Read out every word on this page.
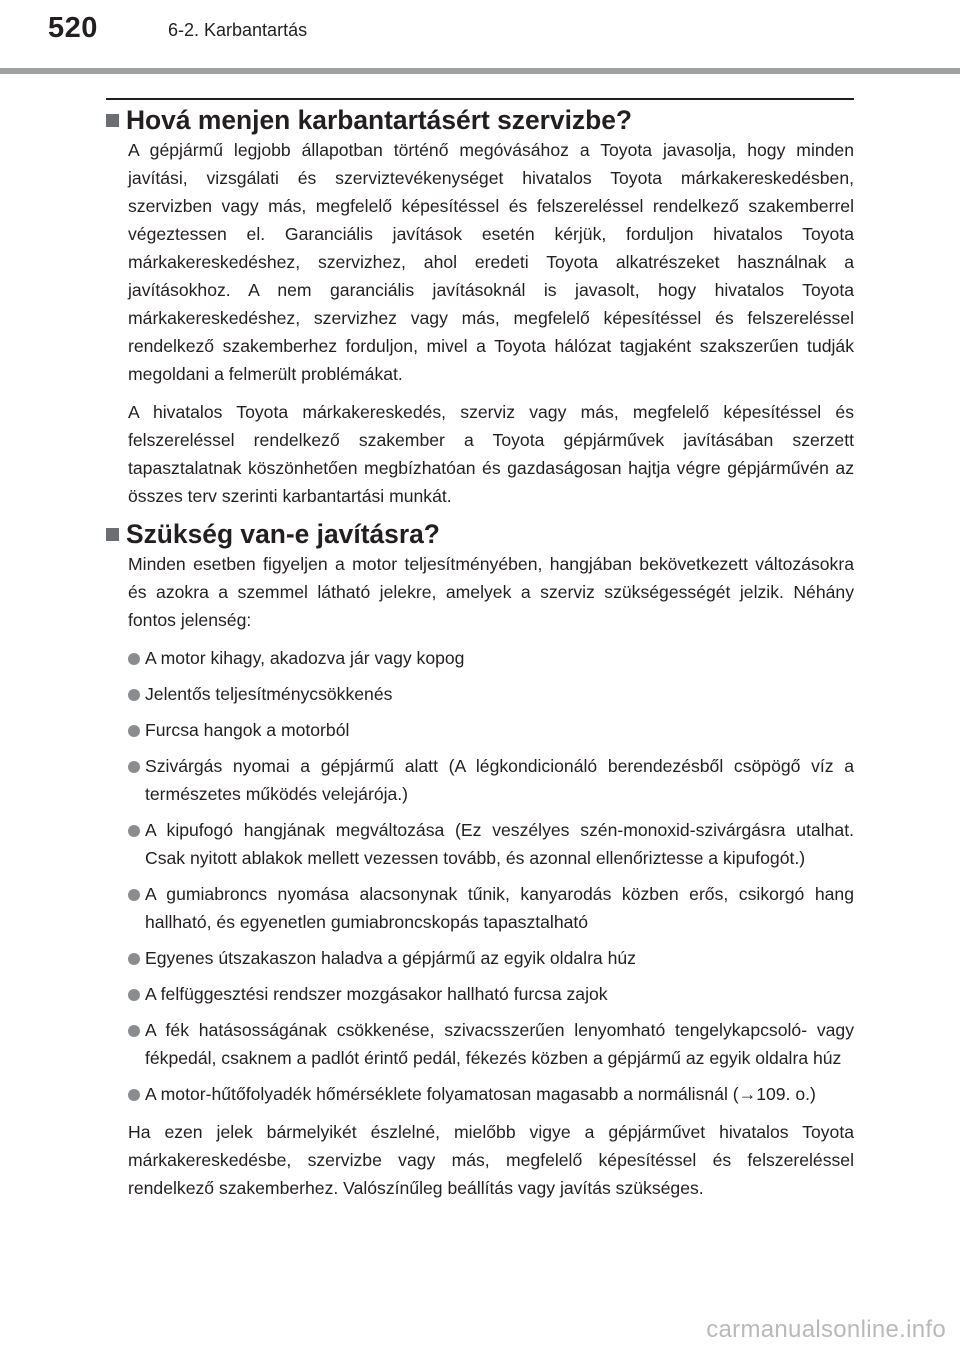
520	6-2. Karbantartás
Hová menjen karbantartásért szervizbe?

A gépjármű legjobb állapotban történő megóvásához a Toyota javasolja, hogy minden javítási, vizsgálati és szerviztevékenységet hivatalos Toyota márkakereskedésben, szervizben vagy más, megfelelő képesítéssel és felszereléssel rendelkező szakemberrel végeztessen el. Garanciális javítások esetén kérjük, forduljon hivatalos Toyota márkakereskedéshez, szervizhez, ahol eredeti Toyota alkatrészeket használnak a javításokhoz. A nem garanciális javításoknál is javasolt, hogy hivatalos Toyota márkakereskedéshez, szervizhez vagy más, megfelelő képesítéssel és felszereléssel rendelkező szakemberhez forduljon, mivel a Toyota hálózat tagjaként szakszerűen tudják megoldani a felmerült problémákat.

A hivatalos Toyota márkakereskedés, szerviz vagy más, megfelelő képesítéssel és felszereléssel rendelkező szakember a Toyota gépjárművek javításában szerzett tapasztalatnak köszönhetően megbízhatóan és gazdaságosan hajtja végre gépjárművén az összes terv szerinti karbantartási munkát.

Szükség van-e javításra?

Minden esetben figyeljen a motor teljesítményében, hangjában bekövetkezett változásokra és azokra a szemmel látható jelekre, amelyek a szerviz szükségességét jelzik. Néhány fontos jelenség:

A motor kihagy, akadozva jár vagy kopog
Jelentős teljesítménycsökkenés
Furcsa hangok a motorból
Szivárgás nyomai a gépjármű alatt (A légkondicionáló berendezésből csöpögő víz a természetes működés velejárója.)
A kipufogó hangjának megváltozása (Ez veszélyes szén-monoxid-szivárgásra utalhat. Csak nyitott ablakok mellett vezessen tovább, és azonnal ellenőriztesse a kipufogót.)
A gumiabroncs nyomása alacsonynak tűnik, kanyarodás közben erős, csikorgó hang hallható, és egyenetlen gumiabroncskopás tapasztalható
Egyenes útszakaszon haladva a gépjármű az egyik oldalra húz
A felfüggesztési rendszer mozgásakor hallható furcsa zajok
A fék hatásosságának csökkenése, szivacsszerűen lenyomható tengelykapcsoló- vagy fékpedál, csaknem a padlót érintő pedál, fékezés közben a gépjármű az egyik oldalra húz
A motor-hűtőfolyadék hőmérséklete folyamatosan magasabb a normálisnál (→109. o.)

Ha ezen jelek bármelyikét észlelné, mielőbb vigye a gépjárművet hivatalos Toyota márkakereskedésbe, szervizbe vagy más, megfelelő képesítéssel és felszereléssel rendelkező szakemberhez. Valószínűleg beállítás vagy javítás szükséges.

carmanualsonline.info
